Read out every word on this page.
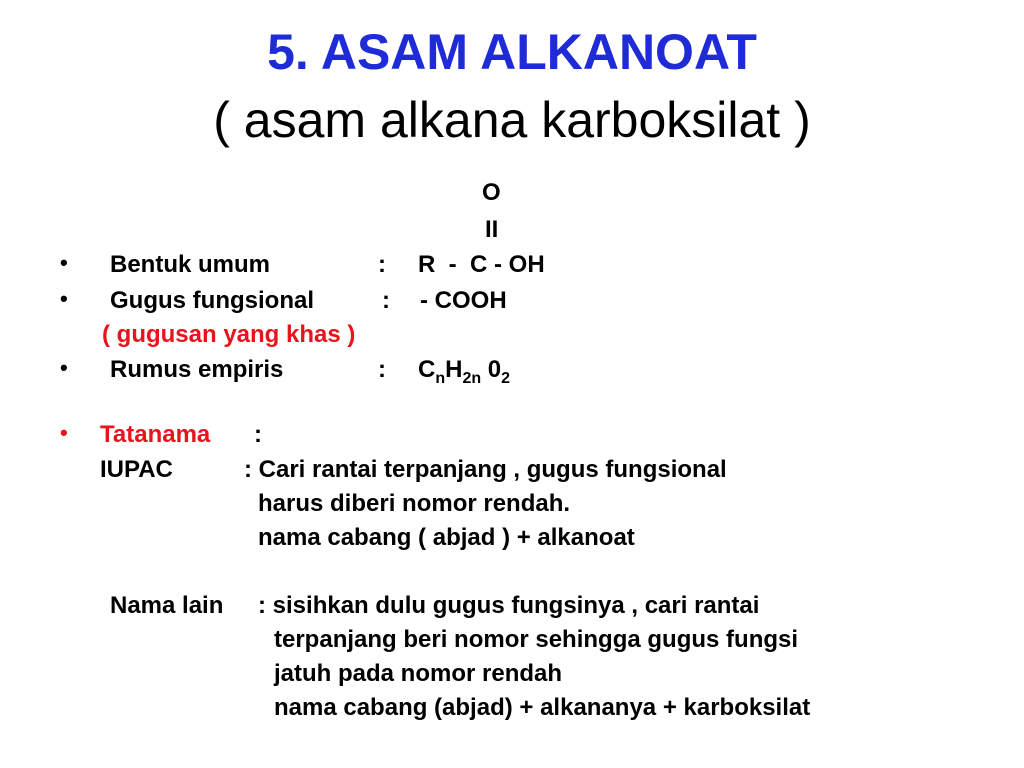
5. ASAM ALKANOAT
( asam alkana karboksilat )
O
II
• Bentuk umum	: R  -  C - OH
• Gugus fungsional	: - COOH
( gugusan yang khas )
• Rumus empiris	: $C_nH_{2n}$ $0_2$
• Tatanama :
IUPAC	: Cari rantai terpanjang , gugus fungsional
harus diberi nomor rendah.
nama cabang ( abjad ) + alkanoat
Nama lain : sisihkan dulu gugus fungsinya , cari rantai
terpanjang beri nomor sehingga gugus fungsi
jatuh pada nomor rendah
nama cabang (abjad) + alkananya + karboksilat
